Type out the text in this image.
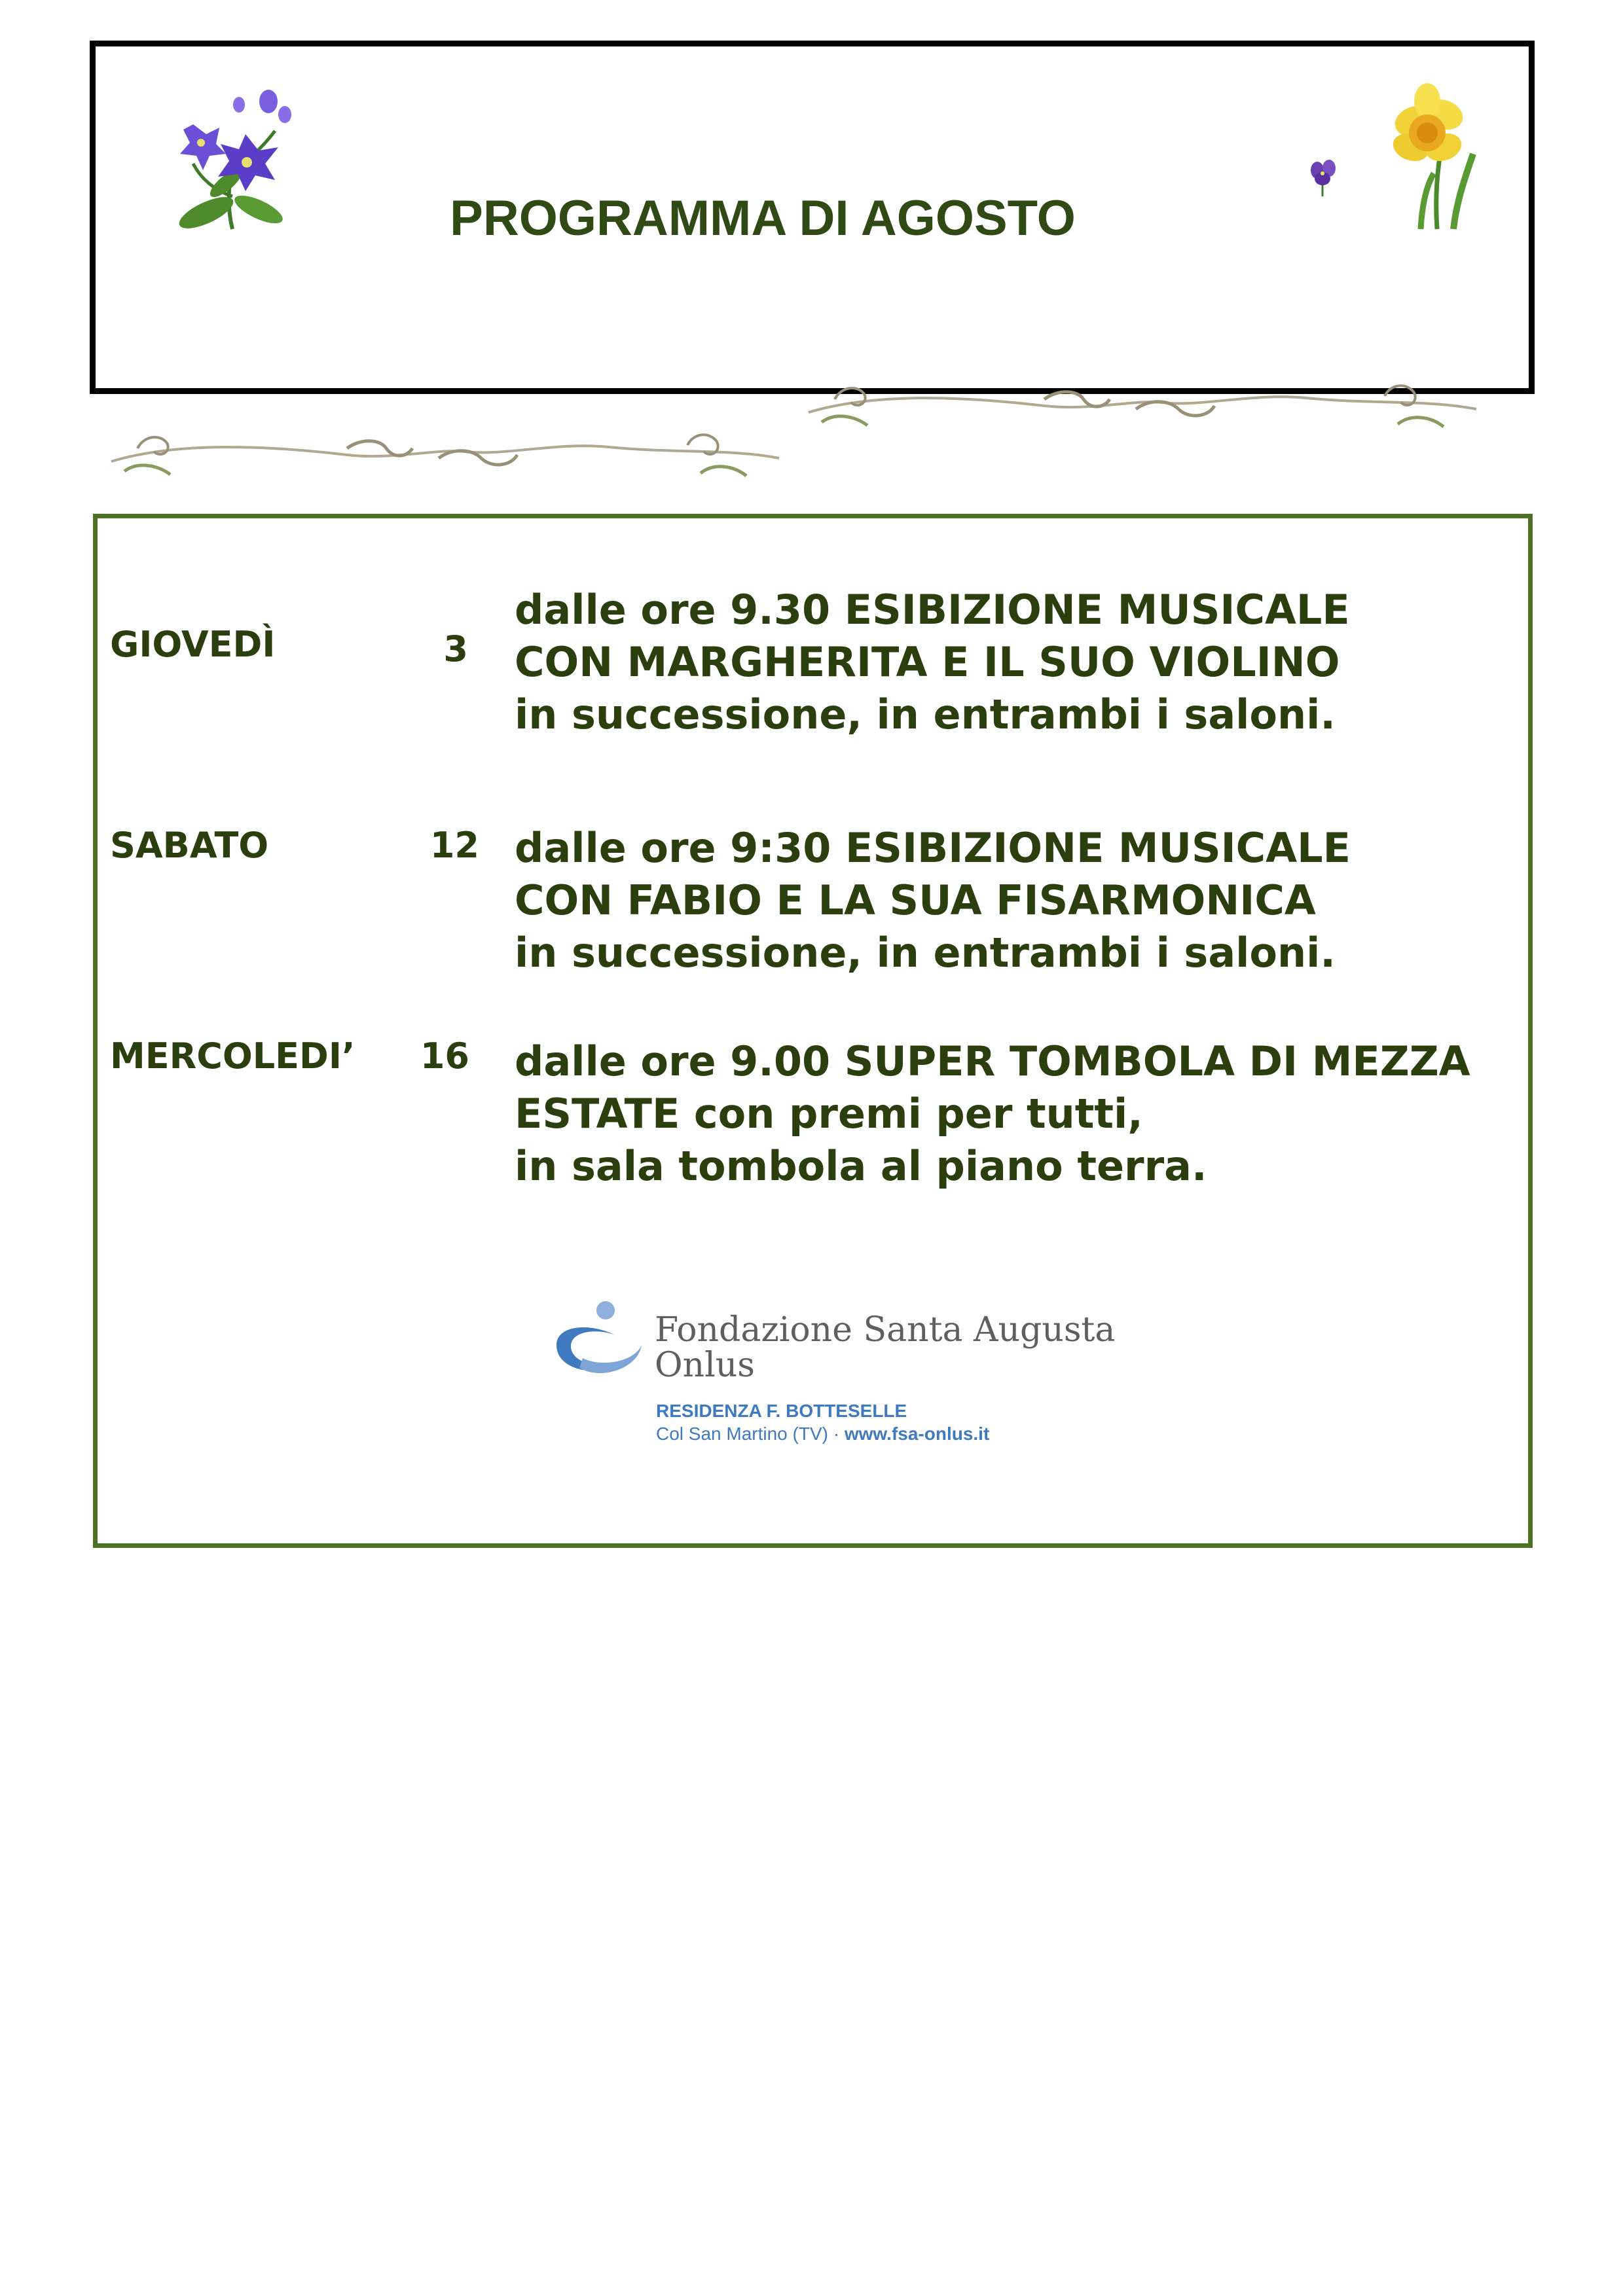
PROGRAMMA DI AGOSTO
GIOVEDÌ	3
dalle ore 9.30 ESIBIZIONE MUSICALE
CON MARGHERITA E IL SUO VIOLINO
in successione, in entrambi i saloni.
SABATO	12 dalle ore 9:30 ESIBIZIONE MUSICALE
CON FABIO E LA SUA FISARMONICA
in successione, in entrambi i saloni.
MERCOLEDI’	16 dalle ore 9.00 SUPER TOMBOLA DI MEZZA
ESTATE con premi per tutti,
in sala tombola al piano terra.
Fondazione Santa Augusta
Onlus
RESIDENZA F. BOTTESELLE
Col San Martino (TV) · www.fsa-onlus.it
